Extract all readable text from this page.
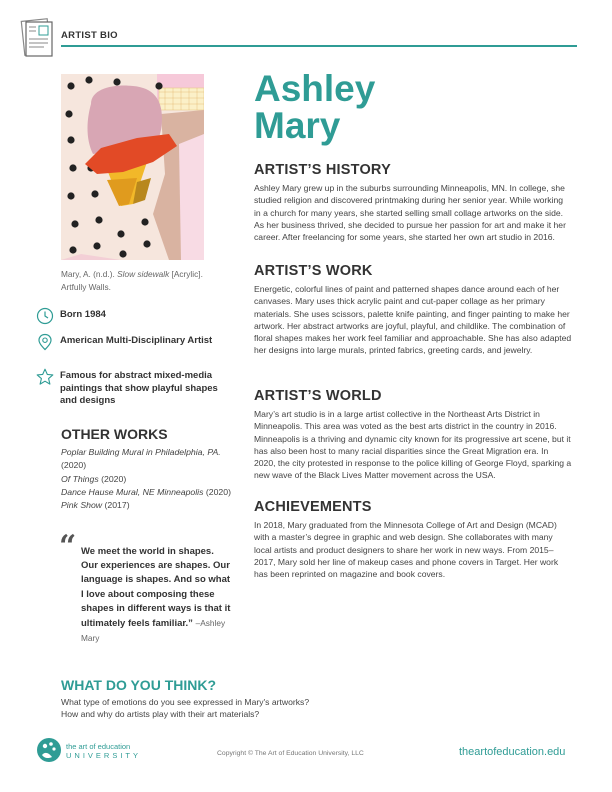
ARTIST BIO
Mary, A. (n.d.). Slow sidewalk [Acrylic]. Artfully Walls.
Born 1984
American Multi-Disciplinary Artist
Famous for abstract mixed-media paintings that show playful shapes and designs
OTHER WORKS
Poplar Building Mural in Philadelphia, PA. (2020)
Of Things (2020)
Dance Hause Mural, NE Minneapolis (2020)
Pink Show (2017)
“ We meet the world in shapes. Our experiences are shapes. Our language is shapes. And so what I love about composing these shapes in different ways is that it ultimately feels familiar.” –Ashley Mary
Ashley
Mary
ARTIST’S HISTORY

Ashley Mary grew up in the suburbs surrounding Minneapolis, MN. In college, she studied religion and discovered printmaking during her senior year. While working in a church for many years, she started selling small collage artworks on the side. As her business thrived, she decided to pursue her passion for art and make it her career. After freelancing for some years, she started her own art studio in 2016.

ARTIST’S WORK

Energetic, colorful lines of paint and patterned shapes dance around each of her canvases. Mary uses thick acrylic paint and cut-paper collage as her primary materials. She uses scissors, palette knife painting, and finger painting to make her artwork. Her abstract artworks are joyful, playful, and childlike. The combination of floral shapes makes her work feel familiar and approachable. She has also adapted her designs into large murals, printed fabrics, greeting cards, and jewelry.

ARTIST’S WORLD

Mary’s art studio is in a large artist collective in the Northeast Arts District in Minneapolis. This area was voted as the best arts district in the country in 2016. Minneapolis is a thriving and dynamic city known for its progressive art scene, but it has also been host to many racial disparities since the Great Migration era. In 2020, the city protested in response to the police killing of George Floyd, sparking a new wave of the Black Lives Matter movement across the USA.

ACHIEVEMENTS

In 2018, Mary graduated from the Minnesota College of Art and Design (MCAD) with a master’s degree in graphic and web design. She collaborates with many local artists and product designers to share her work in new ways. From 2015–2017, Mary sold her line of makeup cases and phone covers in Target. Her work has been reprinted on magazine and book covers.

WHAT DO YOU THINK?
What type of emotions do you see expressed in Mary's artworks?
How and why do artists play with their art materials?
the art of education
UNIVERSITY	Copyright © The Art of Education University, LLC	theartofeducation.edu
